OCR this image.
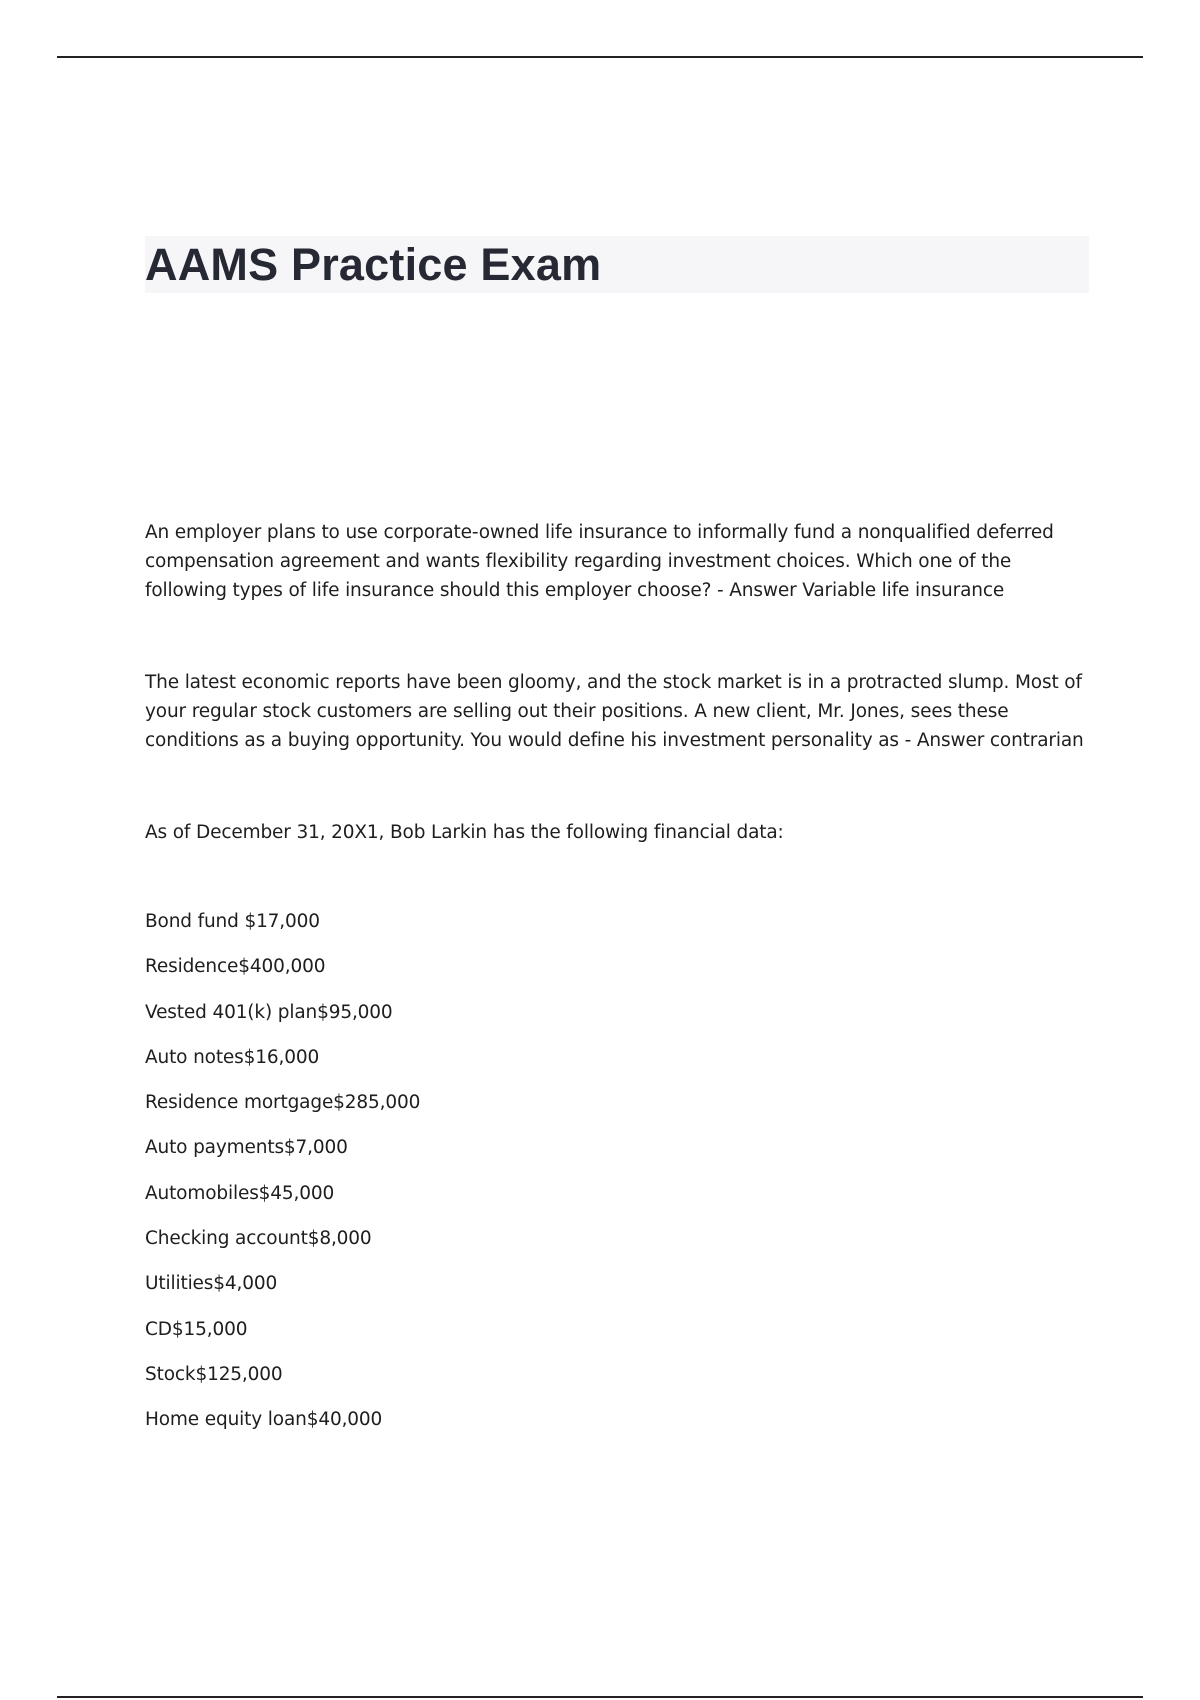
AAMS Practice Exam

An employer plans to use corporate-owned life insurance to informally fund a nonqualified deferred compensation agreement and wants flexibility regarding investment choices. Which one of the following types of life insurance should this employer choose? - Answer Variable life insurance

The latest economic reports have been gloomy, and the stock market is in a protracted slump. Most of your regular stock customers are selling out their positions. A new client, Mr. Jones, sees these conditions as a buying opportunity. You would define his investment personality as - Answer contrarian

As of December 31, 20X1, Bob Larkin has the following financial data:

Bond fund $17,000
Residence$400,000
Vested 401(k) plan$95,000
Auto notes$16,000
Residence mortgage$285,000
Auto payments$7,000
Automobiles$45,000
Checking account$8,000
Utilities$4,000
CD$15,000
Stock$125,000
Home equity loan$40,000
